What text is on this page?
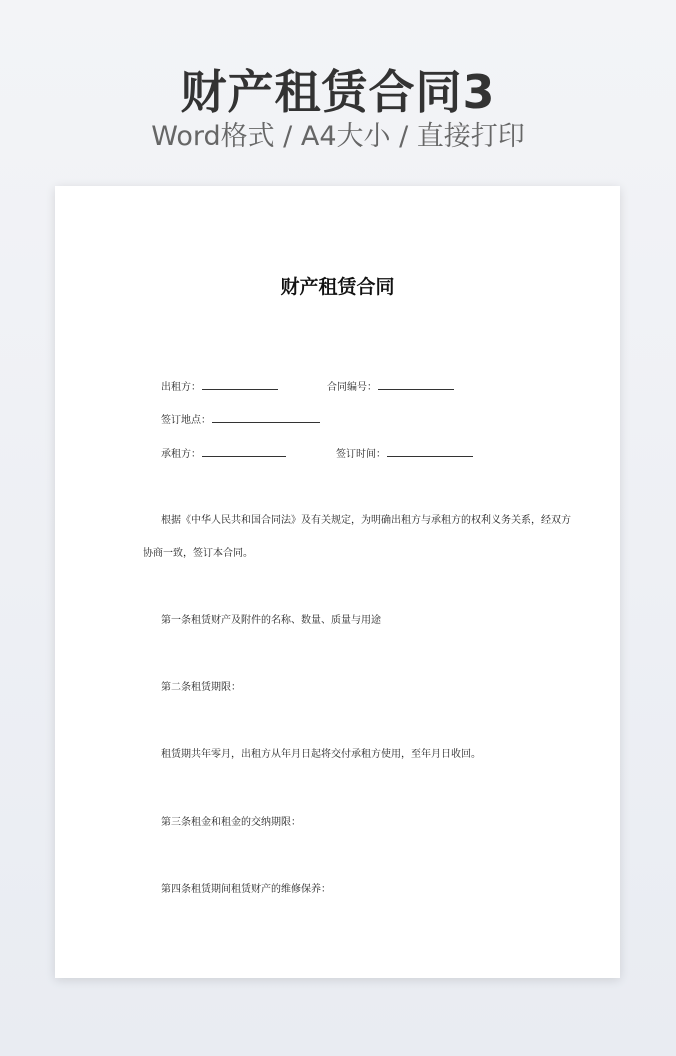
财产租赁合同3
Word格式 / A4大小 / 直接打印
财产租赁合同
出租方：	合同编号：
签订地点：
承租方：	签订时间：
根据《中华人民共和国合同法》及有关规定，为明确出租方与承租方的权利义务关系，经双方
协商一致，签订本合同。
第一条租赁财产及附件的名称、数量、质量与用途
第二条租赁期限：
租赁期共年零月，出租方从年月日起将交付承租方使用，至年月日收回。
第三条租金和租金的交纳期限：
第四条租赁期间租赁财产的维修保养：
